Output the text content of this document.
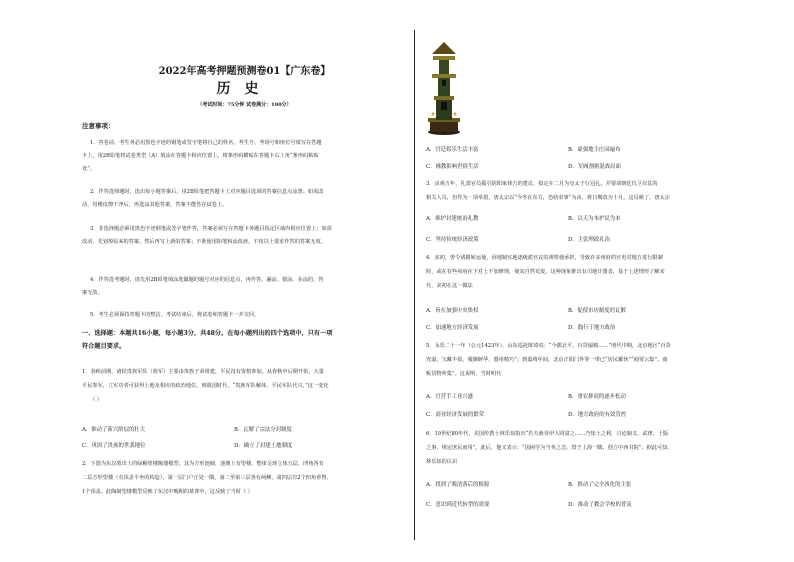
2022年高考押题预测卷01【广东卷】
历史
（考试时间：75分钟 试卷满分：100分）
注意事项：
1．答卷前，考生务必用黑色字迹的钢笔或签字笔将自己的姓名、考生号、考场号和座位号填写在答题
卡上。用2B铅笔将试卷类型（A）填涂在答题卡相应位置上。将条形码横贴在答题卡右上角“条形码粘贴
处”。
2．作答选择题时，选出每小题答案后，用2B铅笔把答题卡上对应题目选项的答案信息点涂黑；如需改
动，用橡皮擦干净后，再选涂其他答案，答案不能答在试卷上。
3．非选择题必须用黑色字迹钢笔或签字笔作答，答案必须写在答题卡各题目指定区域内相应位置上；如需
改动，先划掉原来的答案，然后再写上新的答案；不准使用铅笔和涂改液。不按以上要求作答的答案无效。
4．作答选考题时，请先用2B铅笔填涂选做题的题号对应的信息点，再作答。漏涂、错涂、多涂的，答
案无效。
5．考生必须保持答题卡的整洁。考试结束后，将试卷和答题卡一并交回。
一、选择题：本题共16小题，每小题3分，共48分。在每小题列出的四个选项中，只有一项
符合题目要求。
1．春秋前期，诸侯贵族军队（族军）主要由贵族子弟组建，平民没有资格参加。从春秋中后期开始，大量
平民参军，立军功者可获得土地及相应的政治地位。到战国时代，“贵族军队解体，平民军队代兴。”这一变化
（ ）
A．推动了新兴阶层的壮大	B．瓦解了宗法分封制度
C．巩固了贵族的世袭地位	D．确立了封建土地制度
2．下图为东汉墓出土的绿釉望楼陶器模型，其为方形池塘，池塘上有望楼，整体呈现立体五层，四角各有
二层方形望楼（有顶盖平坐的构造），第一层门户正处一隅，第二至第三层各有两侧，第四层有2个四角垂脊、
1个顶盖。此陶制望楼模型反映了东汉中晚期的墓葬中，这反映了当时（ ）
A．宫廷娱乐生活丰富	B．豪强地主庄园遍布
C．佛教影响世俗生活	D．军阀割据混战局面
3．贞观五年，礼部官员援引阴阳家择吉的建议，拟定在二月为皇太子行冠礼，并要请朝廷仪卫仪仗的
相关人员，但作为一项举措，唐太宗以“今冬在东方，恐妨农事”为由，将日期改为十月。这反映了，唐太宗
A．维护封建统治礼教	B．以天为本护民为本
C．坚持传统经济政策	D．主张理政礼治
4．宋初，曾令诸路转运使，因地制宜地逐级派官议的观察使承担，导致许多州府的官吏对地方进行限制
时，或在有些州府在下对上不加修理，使其自然荒废。这种现象推出有司地计图表，基于上述情形了解宋
代，宋初在这一做法
A．旨在加强中央集权	B．促使市坊制度的瓦解
C．加速地方经济发展	D．践行于地方政治
5．永乐二十一年（公元1423年），山东巡抚陈琦说：“今都北平，百货辐辏……”明代中期，北京地区“百货
充溢，宝藏丰盈，服御鲜华，器用精巧”；到嘉靖年间，北京正阳门外等一带已“居民繁伙”“商贾云集”。商
贩货物所集”。这说明，当时明代
A．官营手工业兴盛	B．重农抑商的逐步松动
C．商业经济发展的繁荣	D．地方政府的有效管控
6．19世纪80年代，美国传教士林乐知指出“若夫萌芽伊人同富之……乃知土之利，只论制义、试律、土版
之事，规定庶民而用”。此后，他又表示：“国困学为当务之急，置于上海一隅，创立中西书院”。据此可知，
林乐知的认识
A．找到了晚清落后的根源	B．推动了完全西化的主张
C．意识到近代转型的需要	D．推动了教会学校的普及
